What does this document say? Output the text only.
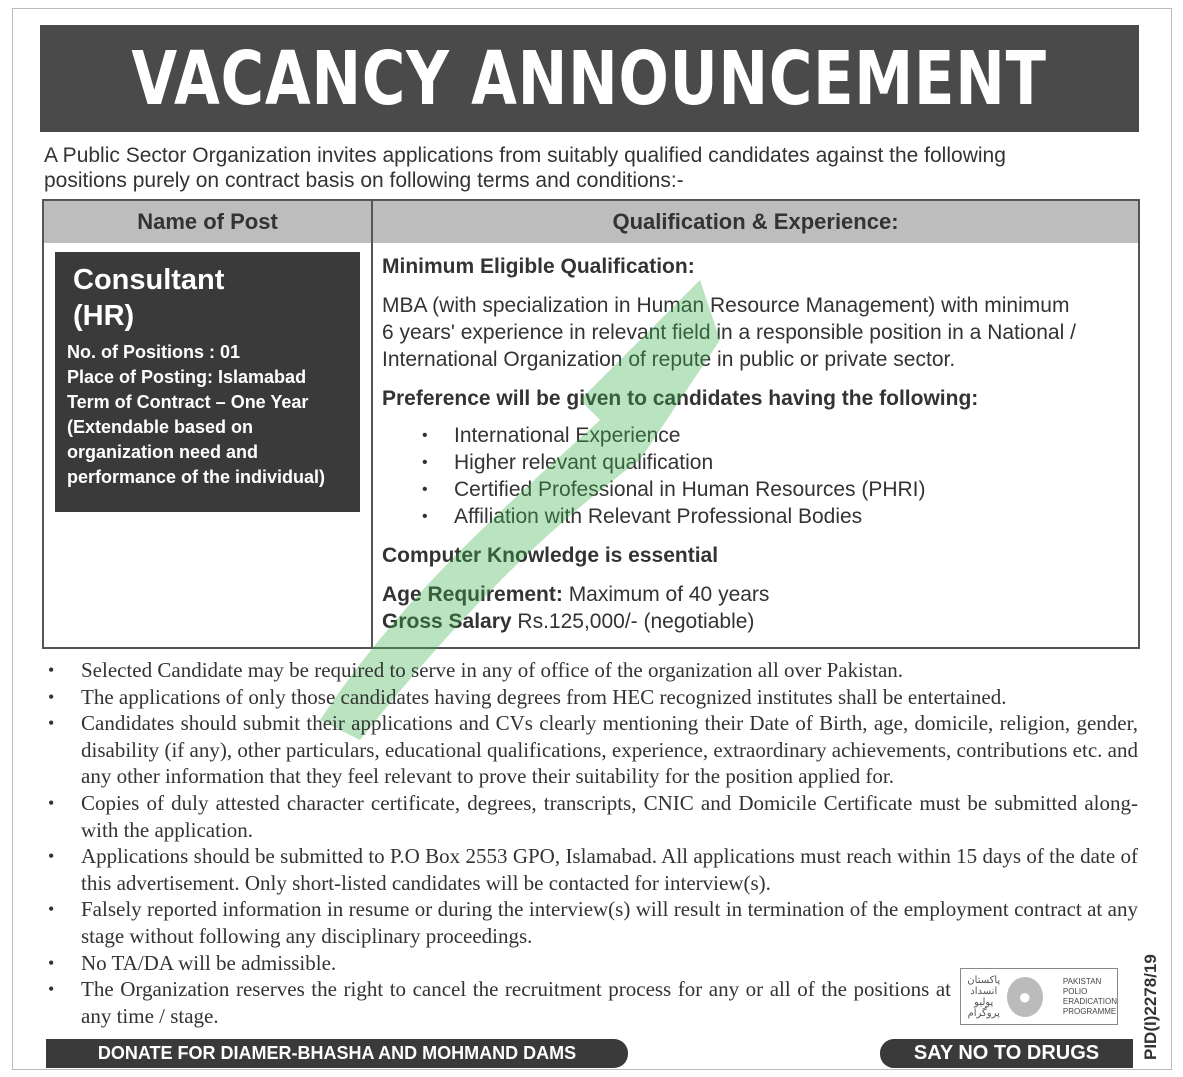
VACANCY ANNOUNCEMENT
A Public Sector Organization invites applications from suitably qualified candidates against the following
positions purely on contract basis on following terms and conditions:-
Name of Post	Qualification & Experience:
Consultant
(HR)
No. of Positions : 01
Place of Posting: Islamabad
Term of Contract – One Year
(Extendable based on
organization need and
performance of the individual)

Minimum Eligible Qualification:

MBA (with specialization in Human Resource Management) with minimum

6 years' experience in relevant field in a responsible position in a National /

International Organization of repute in public or private sector.

Preference will be given to candidates having the following:

• International Experience
• Higher relevant qualification
• Certified Professional in Human Resources (PHRI)
• Affiliation with Relevant Professional Bodies

Computer Knowledge is essential

Age Requirement: Maximum of 40 years

Gross Salary Rs.125,000/- (negotiable)

• Selected Candidate may be required to serve in any of office of the organization all over Pakistan.
• The applications of only those candidates having degrees from HEC recognized institutes shall be entertained.
• Candidates should submit their applications and CVs clearly mentioning their Date of Birth, age, domicile, religion, gender, disability (if any), other particulars, educational qualifications, experience, extraordinary achievements, contributions etc. and any other information that they feel relevant to prove their suitability for the position applied for.
• Copies of duly attested character certificate, degrees, transcripts, CNIC and Domicile Certificate must be submitted along-with the application.
• Applications should be submitted to P.O Box 2553 GPO, Islamabad. All applications must reach within 15 days of the date of this advertisement. Only short-listed candidates will be contacted for interview(s).
• Falsely reported information in resume or during the interview(s) will result in termination of the employment contract at any stage without following any disciplinary proceedings.
• No TA/DA will be admissible.
• The Organization reserves the right to cancel the recruitment process for any or all of the positions at any time / stage.
پاکستان انسداد پولیو پروگرام
●
PAKISTAN
POLIO
ERADICATION
PROGRAMME PID(I)2278/19
DONATE FOR DIAMER-BHASHA AND MOHMAND DAMS	SAY NO TO DRUGS
